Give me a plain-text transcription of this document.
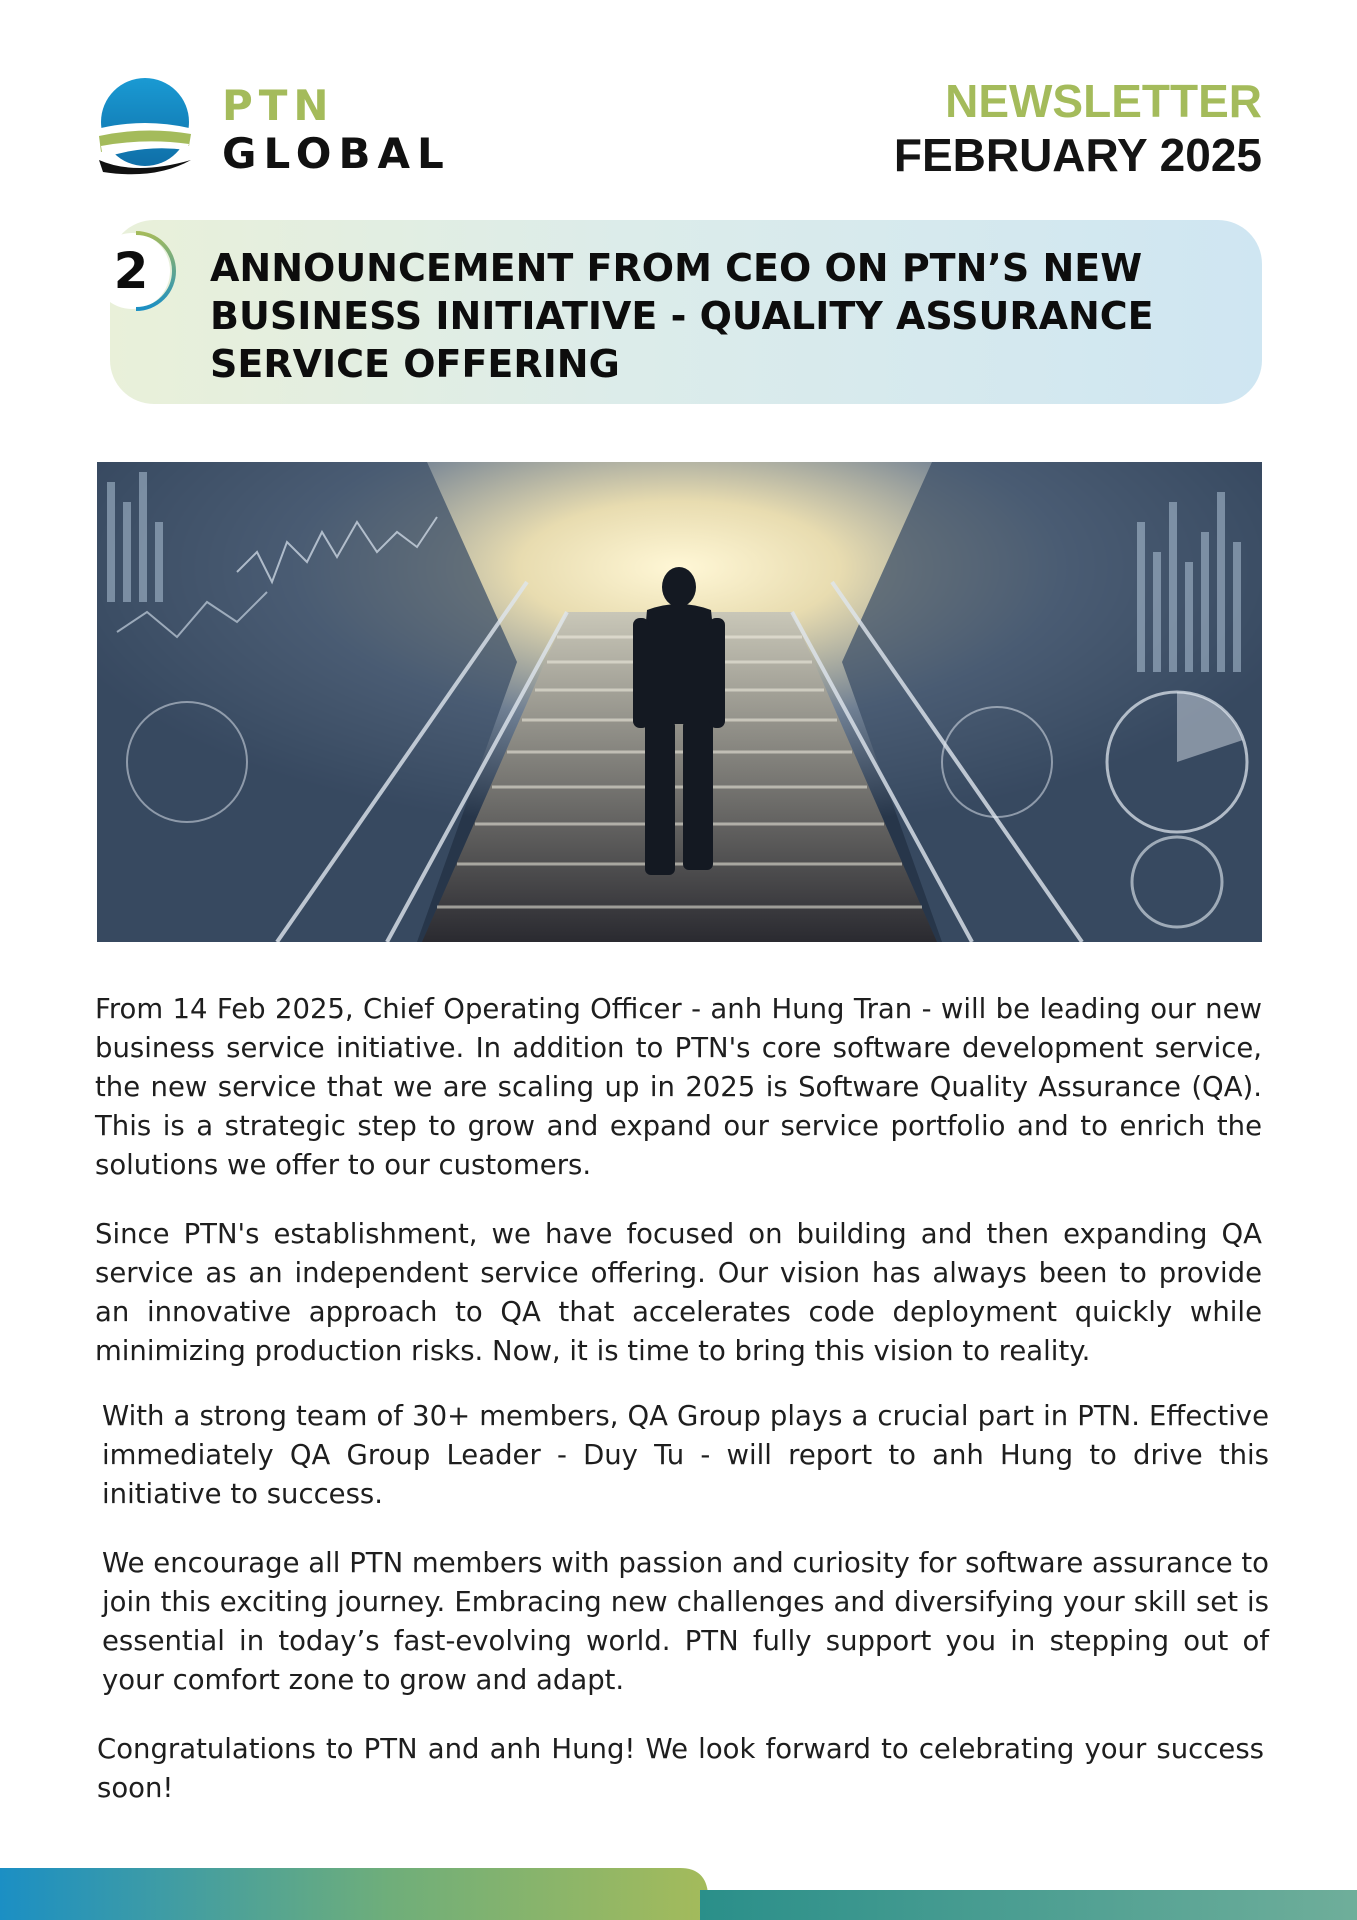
PTN
GLOBAL
NEWSLETTER
FEBRUARY 2025
2	ANNOUNCEMENT FROM CEO ON PTN’S NEW BUSINESS INITIATIVE - QUALITY ASSURANCE SERVICE OFFERING

From 14 Feb 2025, Chief Operating Officer - anh Hung Tran - will be leading our new business service initiative. In addition to PTN's core software development service, the new service that we are scaling up in 2025 is Software Quality Assurance (QA). This is a strategic step to grow and expand our service portfolio and to enrich the solutions we offer to our customers.

Since PTN's establishment, we have focused on building and then expanding QA service as an independent service offering. Our vision has always been to provide an innovative approach to QA that accelerates code deployment quickly while minimizing production risks. Now, it is time to bring this vision to reality.

With a strong team of 30+ members, QA Group plays a crucial part in PTN. Effective immediately QA Group Leader - Duy Tu - will report to anh Hung to drive this initiative to success.

We encourage all PTN members with passion and curiosity for software assurance to join this exciting journey. Embracing new challenges and diversifying your skill set is essential in today’s fast-evolving world. PTN fully support you in stepping out of your comfort zone to grow and adapt.

Congratulations to PTN and anh Hung! We look forward to celebrating your success soon!
